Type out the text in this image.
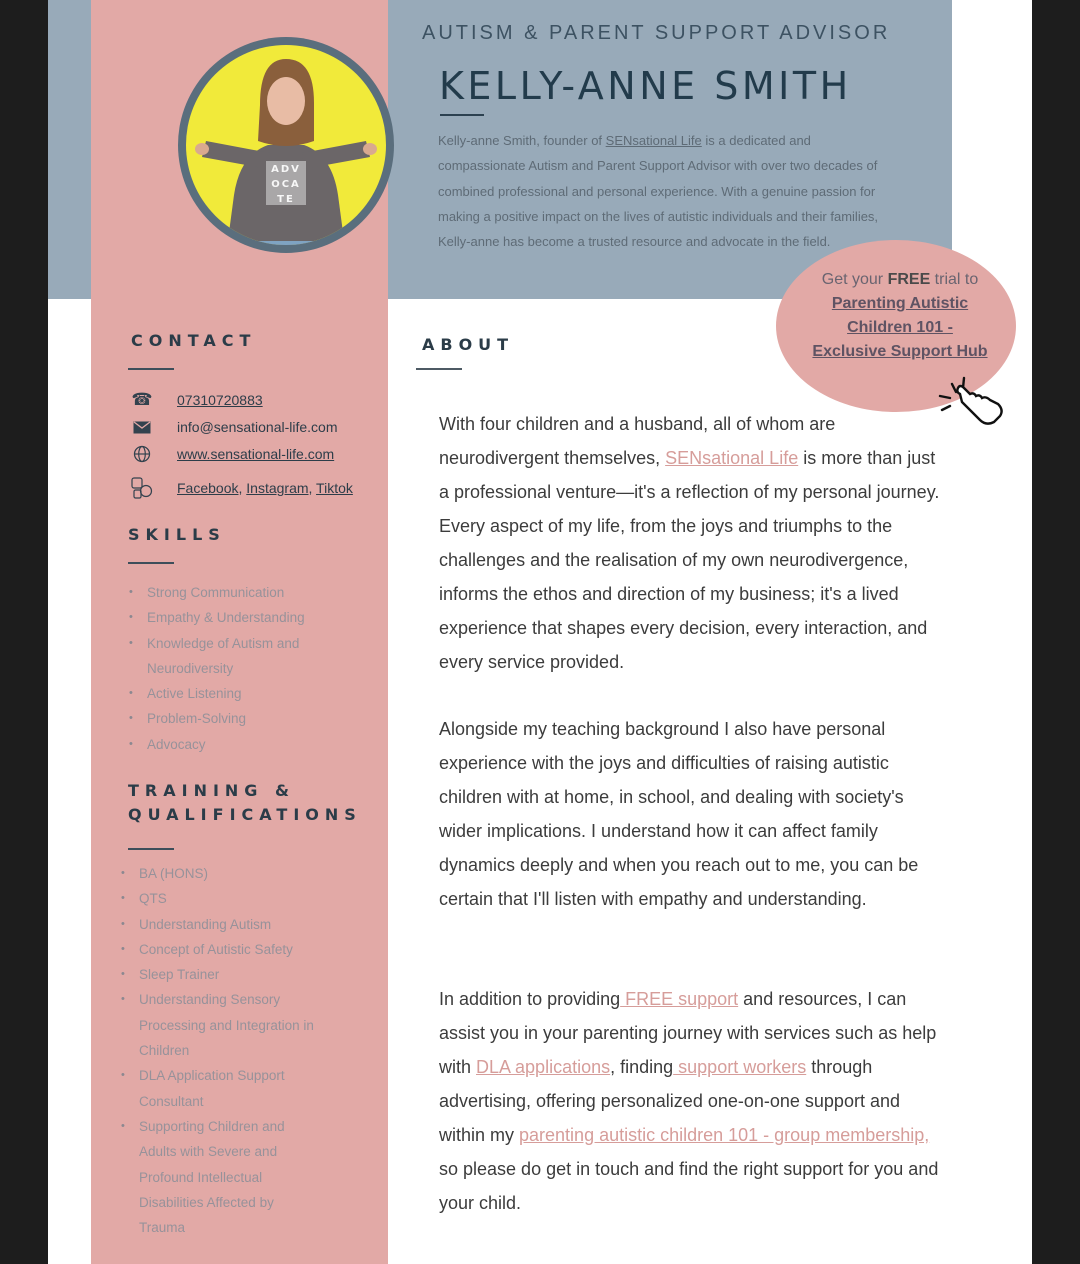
ADV
OCA
TE
CONTACT
☎ 07310720883
info@sensational-life.com
www.sensational-life.com
Facebook, Instagram, Tiktok
SKILLS
• Strong Communication
• Empathy & Understanding
• Knowledge of Autism and Neurodiversity
• Active Listening
• Problem-Solving
• Advocacy
TRAINING &
QUALIFICATIONS
• BA (HONS)
• QTS
• Understanding Autism
• Concept of Autistic Safety
• Sleep Trainer
• Understanding Sensory Processing and Integration in Children
• DLA Application Support Consultant
• Supporting Children and Adults with Severe and Profound Intellectual Disabilities Affected by Trauma
AUTISM & PARENT SUPPORT ADVISOR
KELLY-ANNE SMITH

Kelly-anne Smith, founder of SENsational Life is a dedicated and compassionate Autism and Parent Support Advisor with over two decades of combined professional and personal experience. With a genuine passion for making a positive impact on the lives of autistic individuals and their families, Kelly-anne has become a trusted resource and advocate in the field.

Get your FREE trial to
Parenting Autistic Children 101 - Exclusive Support Hub
ABOUT

With four children and a husband, all of whom are neurodivergent themselves, SENsational Life is more than just a professional venture—it's a reflection of my personal journey. Every aspect of my life, from the joys and triumphs to the challenges and the realisation of my own neurodivergence, informs the ethos and direction of my business; it's a lived experience that shapes every decision, every interaction, and every service provided.

Alongside my teaching background I also have personal experience with the joys and difficulties of raising autistic children with at home, in school, and dealing with society's wider implications. I understand how it can affect family dynamics deeply and when you reach out to me, you can be certain that I'll listen with empathy and understanding.

In addition to providing FREE support and resources, I can assist you in your parenting journey with services such as help with DLA applications, finding support workers through advertising, offering personalized one-on-one support and within my parenting autistic children 101 - group membership, so please do get in touch and find the right support for you and your child.
